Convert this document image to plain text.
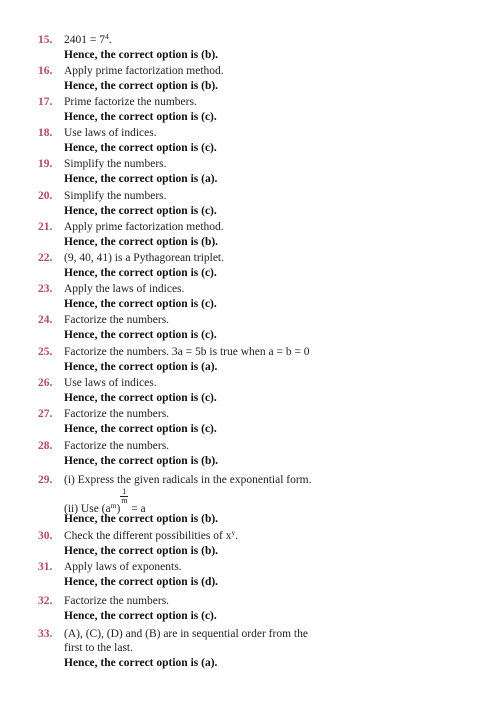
15. $2401 = 7^4$.
Hence, the correct option is (b).
16. Apply prime factorization method.
Hence, the correct option is (b).
17. Prime factorize the numbers.
Hence, the correct option is (c).
18. Use laws of indices.
Hence, the correct option is (c).
19. Simplify the numbers.
Hence, the correct option is (a).
20. Simplify the numbers.
Hence, the correct option is (c).
21. Apply prime factorization method.
Hence, the correct option is (b).
22. (9, 40, 41) is a Pythagorean triplet.
Hence, the correct option is (c).
23. Apply the laws of indices.
Hence, the correct option is (c).
24. Factorize the numbers.
Hence, the correct option is (c).
25. Factorize the numbers. 3a = 5b is true when a = b = 0
Hence, the correct option is (a).
26. Use laws of indices.
Hence, the correct option is (c).
27. Factorize the numbers.
Hence, the correct option is (c).
28. Factorize the numbers.
Hence, the correct option is (b).
29. (i) Express the given radicals in the exponential form.
(ii) Use $(a^m)$
$\frac{1}{m}$
= a
Hence, the correct option is (b).
30. Check the different possibilities of $x^y$.
Hence, the correct option is (b).
31. Apply laws of exponents.
Hence, the correct option is (d).
32. Factorize the numbers.
Hence, the correct option is (c).
33. (A), (C), (D) and (B) are in sequential order from the
first to the last.
Hence, the correct option is (a).
